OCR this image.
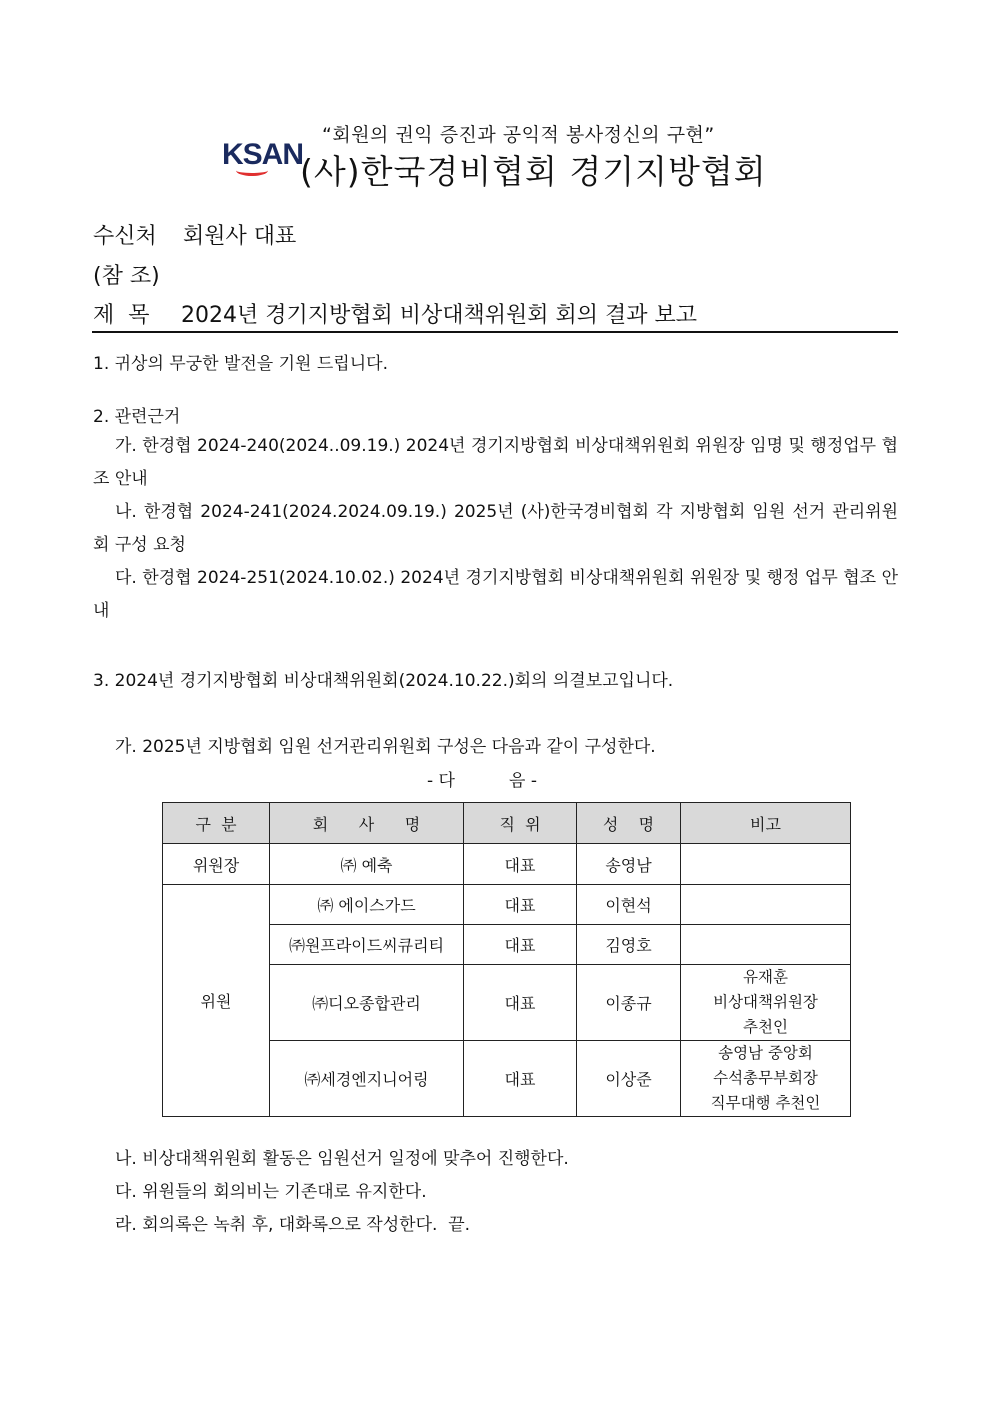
“회원의 권익 증진과 공익적 봉사정신의 구현”
KSAN
(사)한국경비협회 경기지방협회
수신처 회원사 대표
(참 조)
제  목 2024년 경기지방협회 비상대책위원회 회의 결과 보고
1. 귀상의 무궁한 발전을 기원 드립니다.
2. 관련근거
가. 한경협 2024-240(2024..09.19.) 2024년 경기지방협회 비상대책위원회 위원장 임명 및 행정업무 협조 안내
나. 한경협 2024-241(2024.2024.09.19.) 2025년 (사)한국경비협회 각 지방협회 임원 선거 관리위원회 구성 요청
다. 한경협 2024-251(2024.10.02.) 2024년 경기지방협회 비상대책위원회 위원장 및 행정 업무 협조 안내
3. 2024년 경기지방협회 비상대책위원회(2024.10.22.)회의 의결보고입니다.
가. 2025년 지방협회 임원 선거관리위원회 구성은 다음과 같이 구성한다.
- 다          음 -
구  분	회      사      명	직  위	성    명	비고
위원장	㈜ 예축	대표	송영남	
위원	㈜ 에이스가드	대표	이현석	
	㈜원프라이드씨큐리티	대표	김영호	
	㈜디오종합관리	대표	이종규	유재훈
비상대책위원장
추천인

	㈜세경엔지니어링	대표	이상준	송영남 중앙회
수석총무부회장
직무대행 추천인
나. 비상대책위원회 활동은 임원선거 일정에 맞추어 진행한다.
다. 위원들의 회의비는 기존대로 유지한다.
라. 회의록은 녹취 후, 대화록으로 작성한다.  끝.
